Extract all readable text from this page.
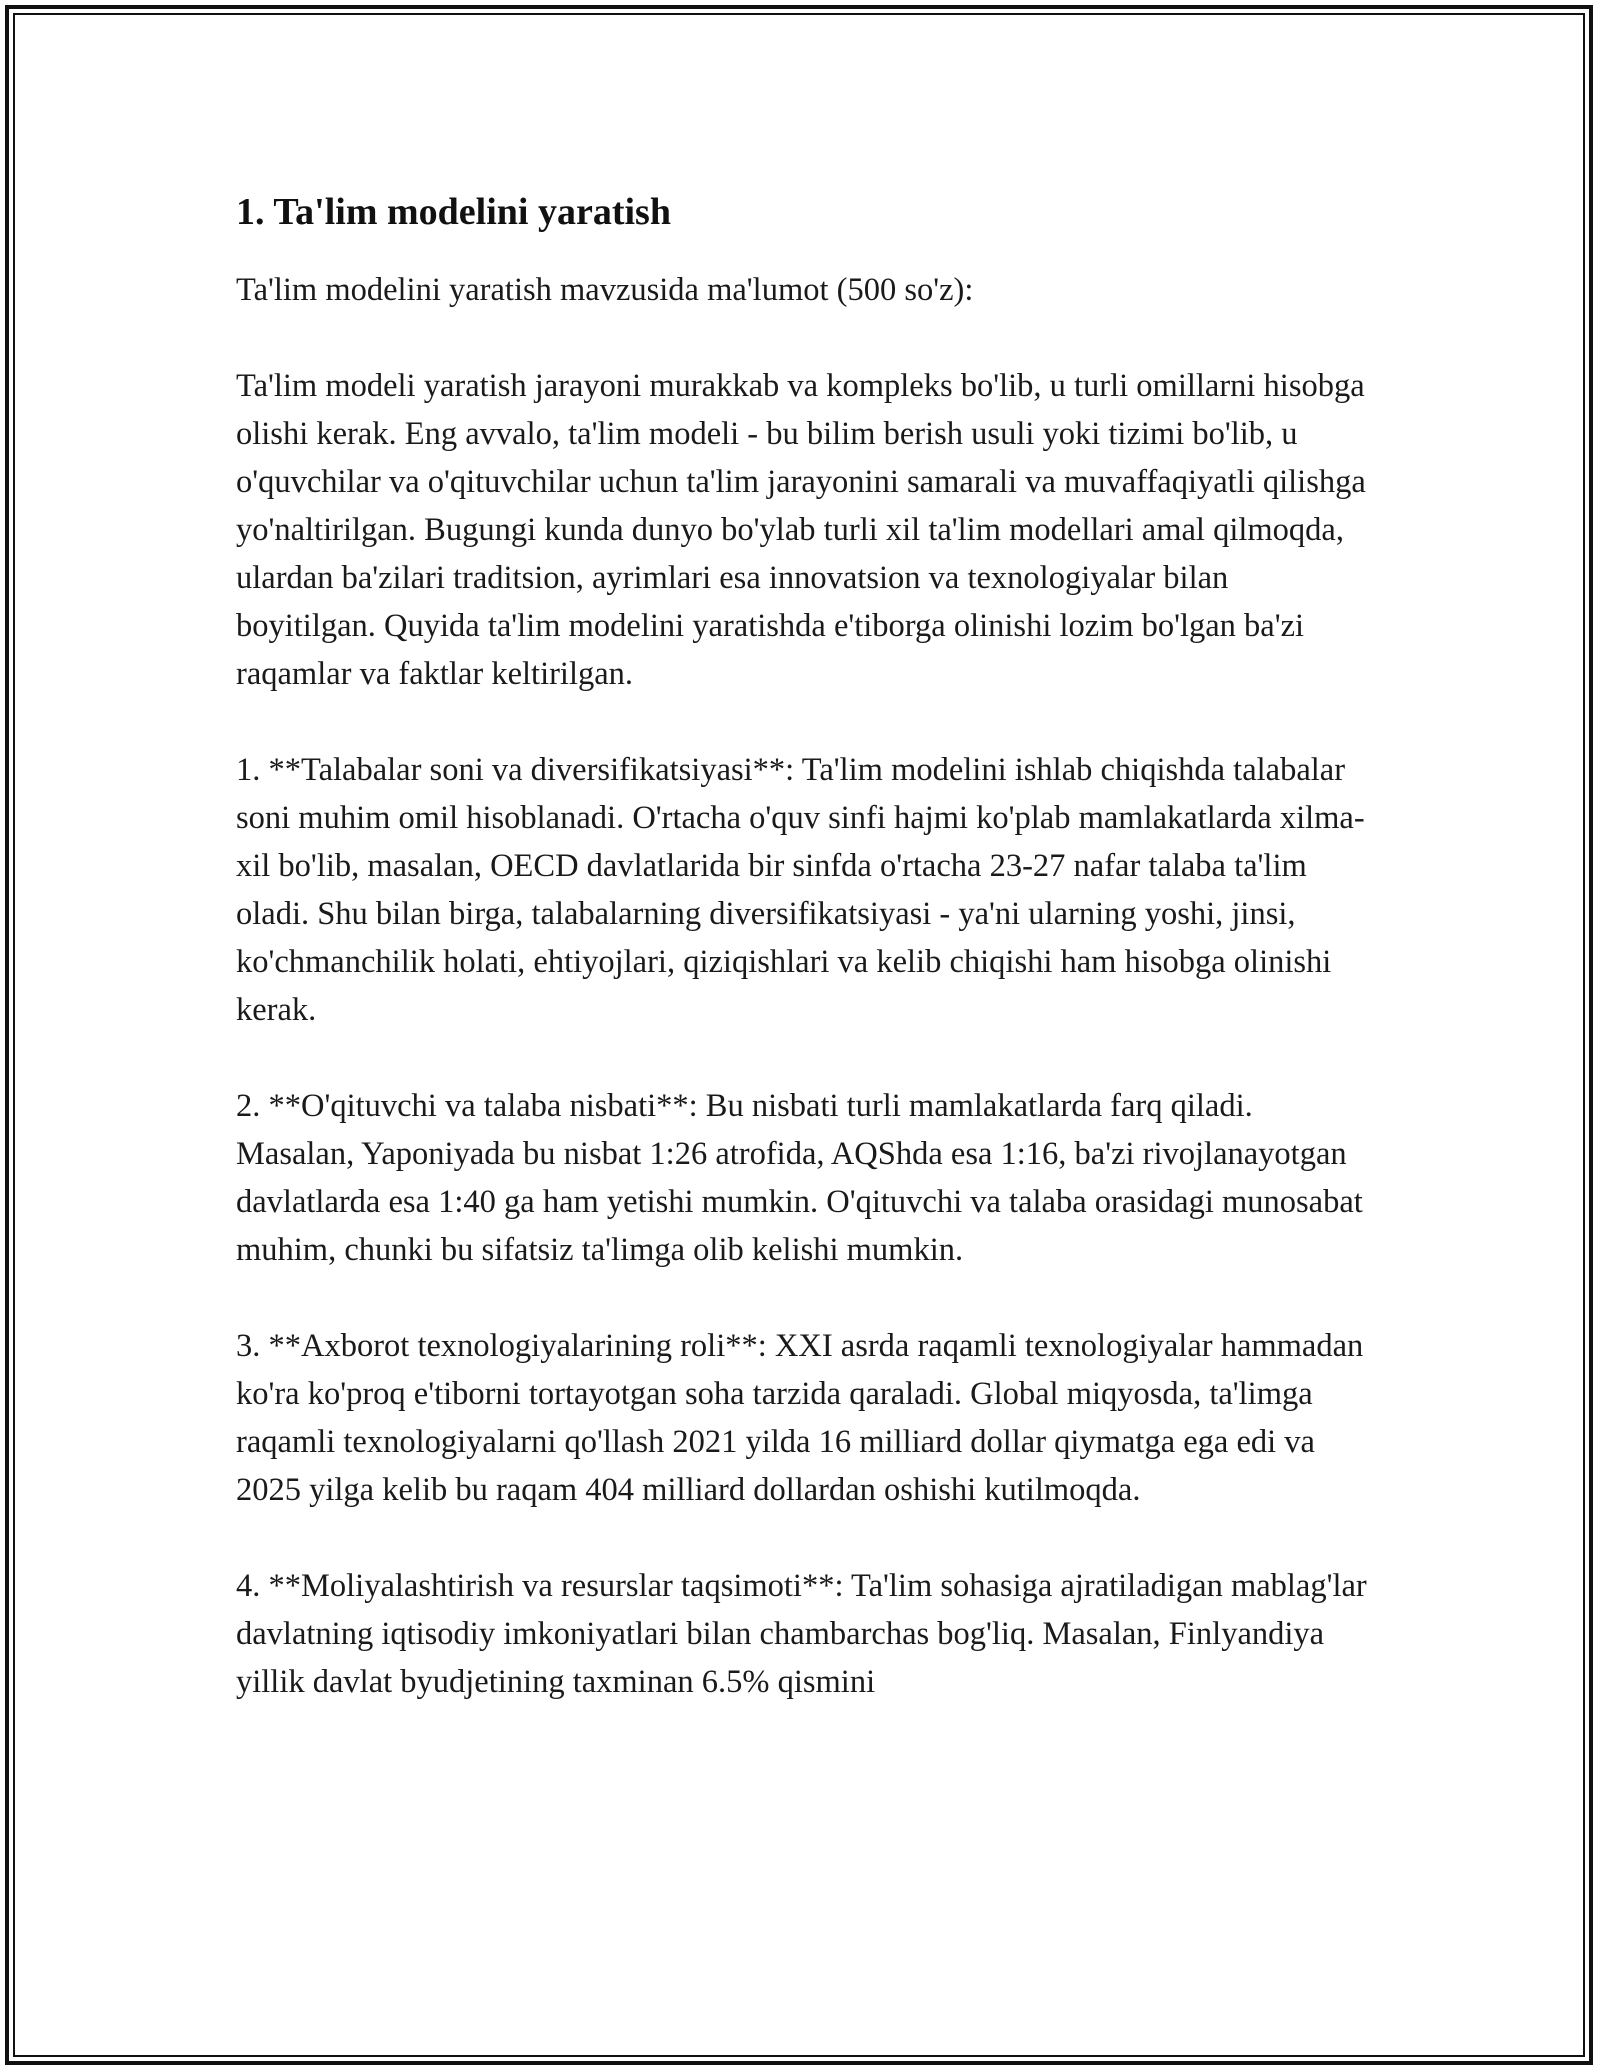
1. Ta'lim modelini yaratish

Ta'lim modelini yaratish mavzusida ma'lumot (500 so'z):

Ta'lim modeli yaratish jarayoni murakkab va kompleks bo'lib, u turli omillarni hisobga olishi kerak. Eng avvalo, ta'lim modeli - bu bilim berish usuli yoki tizimi bo'lib, u o'quvchilar va o'qituvchilar uchun ta'lim jarayonini samarali va muvaffaqiyatli qilishga yo'naltirilgan. Bugungi kunda dunyo bo'ylab turli xil ta'lim modellari amal qilmoqda, ulardan ba'zilari traditsion, ayrimlari esa innovatsion va texnologiyalar bilan boyitilgan. Quyida ta'lim modelini yaratishda e'tiborga olinishi lozim bo'lgan ba'zi raqamlar va faktlar keltirilgan.

1. **Talabalar soni va diversifikatsiyasi**: Ta'lim modelini ishlab chiqishda talabalar soni muhim omil hisoblanadi. O'rtacha o'quv sinfi hajmi ko'plab mamlakatlarda xilma-xil bo'lib, masalan, OECD davlatlarida bir sinfda o'rtacha 23-27 nafar talaba ta'lim oladi. Shu bilan birga, talabalarning diversifikatsiyasi - ya'ni ularning yoshi, jinsi, ko'chmanchilik holati, ehtiyojlari, qiziqishlari va kelib chiqishi ham hisobga olinishi kerak.

2. **O'qituvchi va talaba nisbati**: Bu nisbati turli mamlakatlarda farq qiladi. Masalan, Yaponiyada bu nisbat 1:26 atrofida, AQShda esa 1:16, ba'zi rivojlanayotgan davlatlarda esa 1:40 ga ham yetishi mumkin. O'qituvchi va talaba orasidagi munosabat muhim, chunki bu sifatsiz ta'limga olib kelishi mumkin.

3. **Axborot texnologiyalarining roli**: XXI asrda raqamli texnologiyalar hammadan ko'ra ko'proq e'tiborni tortayotgan soha tarzida qaraladi. Global miqyosda, ta'limga raqamli texnologiyalarni qo'llash 2021 yilda 16 milliard dollar qiymatga ega edi va 2025 yilga kelib bu raqam 404 milliard dollardan oshishi kutilmoqda.

4. **Moliyalashtirish va resurslar taqsimoti**: Ta'lim sohasiga ajratiladigan mablag'lar davlatning iqtisodiy imkoniyatlari bilan chambarchas bog'liq. Masalan, Finlyandiya yillik davlat byudjetining taxminan 6.5% qismini
